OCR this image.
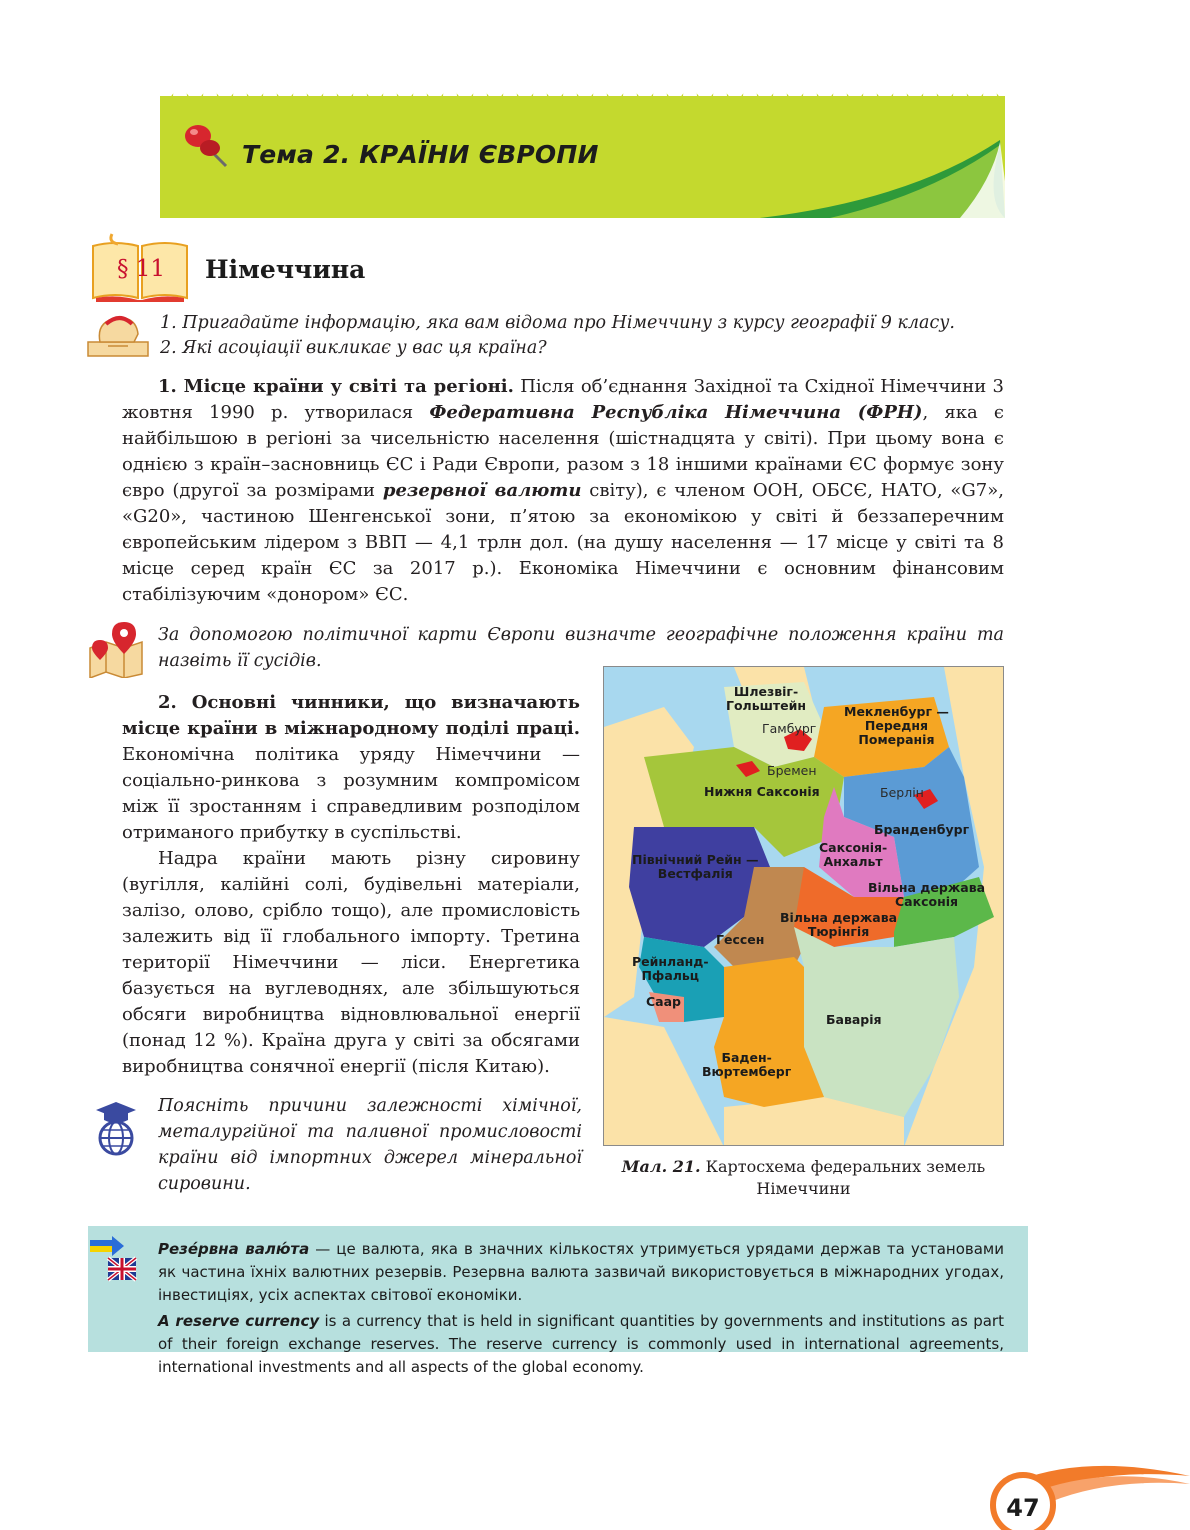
Тема 2. КРАЇНИ ЄВРОПИ
§ 11	Німеччина
1. Пригадайте інформацію, яка вам відома про Німеччину з курсу географії 9 класу.
2. Які асоціації викликає у вас ця країна?

1. Місце країни у світі та регіоні. Після об’єднання Західної та Східної Німеччини 3 жовтня 1990 р. утворилася Федеративна Республіка Німеччина (ФРН), яка є найбільшою в регіоні за чисельністю населення (шістнадцята у світі). При цьому вона є однією з країн–засновниць ЄС і Ради Європи, разом з 18 іншими країнами ЄС формує зону євро (другої за розмірами резервної валюти світу), є членом ООН, ОБСЄ, НАТО, «G7», «G20», частиною Шенгенської зони, п’ятою за економікою у світі й беззаперечним європейським лідером з ВВП — 4,1 трлн дол. (на душу населення — 17 місце у світі та 8 місце серед країн ЄС за 2017 р.). Економіка Німеччини є основним фінансовим стабілізуючим «донором» ЄС.

За допомогою політичної карти Європи визначте географічне положення країни та назвіть її сусідів.

2. Основні чинники, що визначають місце країни в міжнародному поділі праці. Економічна політика уряду Німеччини — соціально-ринкова з розумним компромісом між її зростанням і справедливим розподілом отриманого прибутку в суспільстві.

Надра країни мають різну сировину (вугілля, калійні солі, будівельні матеріали, залізо, олово, срібло тощо), але промисловість залежить від її глобального імпорту. Третина території Німеччини — ліси. Енергетика базується на вуглеводнях, але збільшуються обсяги виробництва відновлювальної енергії (понад 12 %). Країна друга у світі за обсягами виробництва сонячної енергії (після Китаю).

Поясніть причини залежності хімічної, металургійної та паливної промисловості країни від імпортних джерел мінеральної сировини.
Шлезвіг-
Гольштейн	Мекленбург —
Передня
Померанія
Нижня Саксонія
Бранденбург
Саксонія-
Анхальт
Північний Рейн —
Вестфалія
Вільна держава
Саксонія
Вільна держава
Тюрінгія
Гессен
Рейнланд-
Пфальц
Саар
Баварія
Баден-
Вюртемберг
Гамбург
Бремен
Берлін
Мал. 21. Картосхема федеральних земель Німеччини
Резе́рвна валю́та — це валюта, яка в значних кількостях утримується урядами держав та установами як частина їхніх валютних резервів. Резервна валюта зазвичай використовується в міжнародних угодах, інвестиціях, усіх аспектах світової економіки.
A reserve currency is a currency that is held in significant quantities by governments and institutions as part of their foreign exchange reserves. The reserve currency is commonly used in international agreements, international investments and all aspects of the global economy.
47
